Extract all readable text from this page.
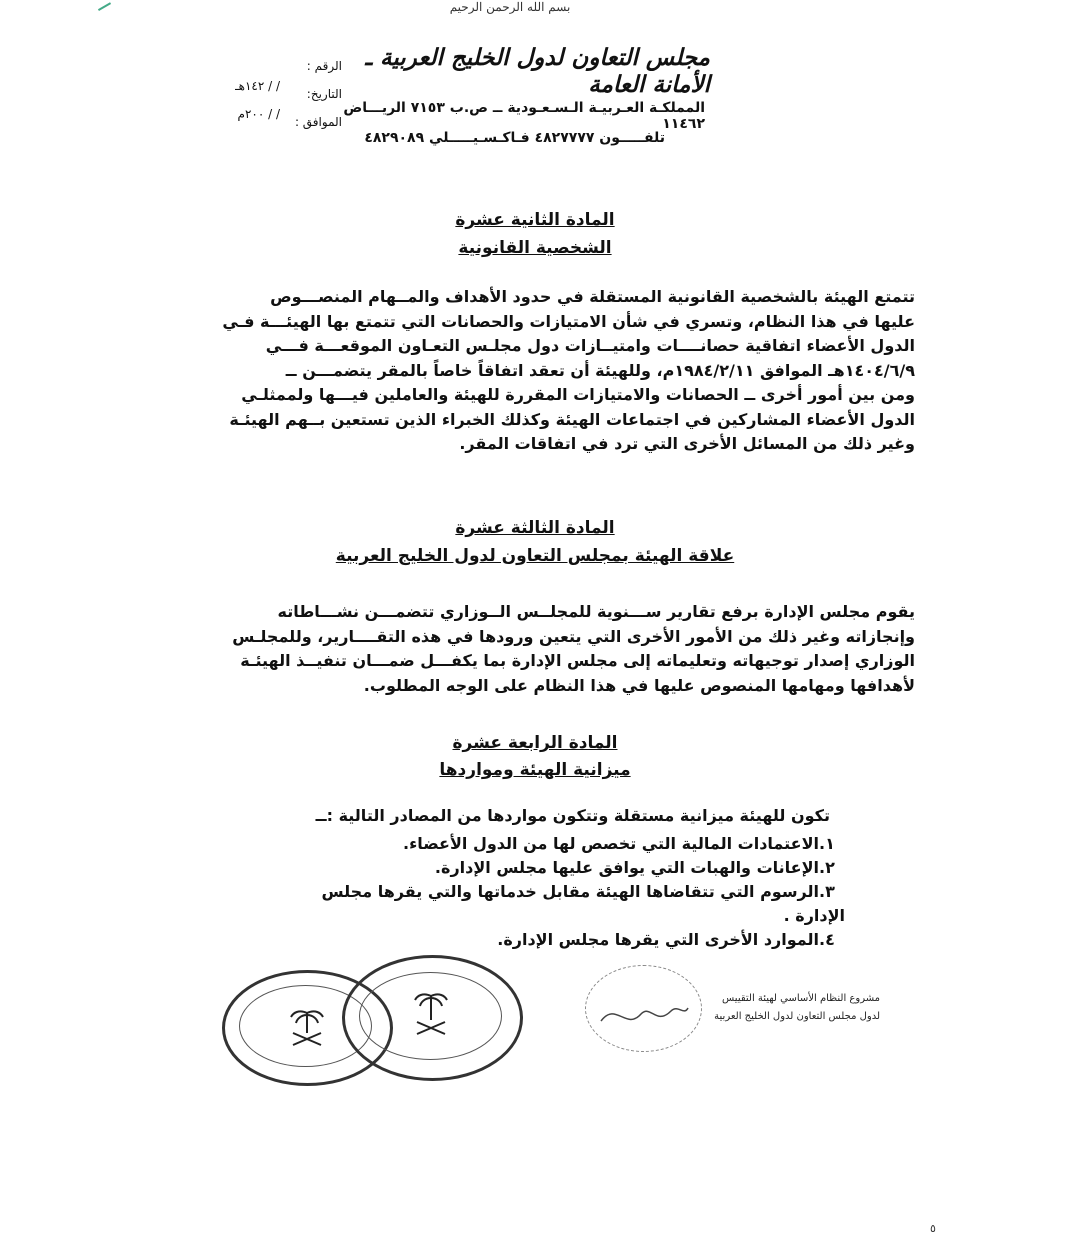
بسم الله الرحمن الرحيم
مجلس التعاون لدول الخليج العربية ـ الأمانة العامة
الرقم :
التاريخ:
الموافق :
/ / ١٤٢هـ
/ / ٢٠٠م	المملكـة العـربيـة الـسـعـودية ــ ص.ب ٧١٥٣ الريـــاض ١١٤٦٢
تلفـــــون ٤٨٢٧٧٧٧ فـاكـسـيـــــلي ٤٨٢٩٠٨٩
المادة الثانية عشرة
الشخصية القانونية
تتمتع الهيئة بالشخصية القانونية المستقلة في حدود الأهداف والمــهام المنصـــوص
عليها في هذا النظام، وتسري في شأن الامتيازات والحصانات التي تتمتع بها الهيئـــة فـي
الدول الأعضاء اتفاقية حصانــــات وامتيــازات دول مجلـس التعـاون الموقعـــة فـــي
١٤٠٤/٦/٩هـ الموافق ١٩٨٤/٢/١١م، وللهيئة أن تعقد اتفاقاً خاصاً بالمقر يتضمـــن ــ
ومن بين أمور أخرى ــ الحصانات والامتيازات المقررة للهيئة والعاملين فيـــها ولممثلـي
الدول الأعضاء المشاركين في اجتماعات الهيئة وكذلك الخبراء الذين تستعين بــهم الهيئـة
وغير ذلك من المسائل الأخرى التي ترد في اتفاقات المقر.
المادة الثالثة عشرة
علاقة الهيئة بمجلس التعاون لدول الخليج العربية
يقوم مجلس الإدارة برفع تقارير ســـنوية للمجلــس الــوزاري تتضمـــن نشـــاطاته
وإنجازاته وغير ذلك من الأمور الأخرى التي يتعين ورودها في هذه التقــــارير، وللمجلـس
الوزاري إصدار توجيهاته وتعليماته إلى مجلس الإدارة بما يكفـــل ضمـــان تنفيــذ الهيئـة
لأهدافها ومهامها المنصوص عليها في هذا النظام على الوجه المطلوب.
المادة الرابعة عشرة
ميزانية الهيئة ومواردها
تكون للهيئة ميزانية مستقلة وتتكون مواردها من المصادر التالية :ــ
١.الاعتمادات المالية التي تخصص لها من الدول الأعضاء.
٢.الإعانات والهبات التي يوافق عليها مجلس الإدارة.
٣.الرسوم التي تتقاضاها الهيئة مقابل خدماتها والتي يقرها مجلس الإدارة .
٤.الموارد الأخرى التي يقرها مجلس الإدارة.
مشروع النظام الأساسي لهيئة التقييس
لدول مجلس التعاون لدول الخليج العربية
٥
